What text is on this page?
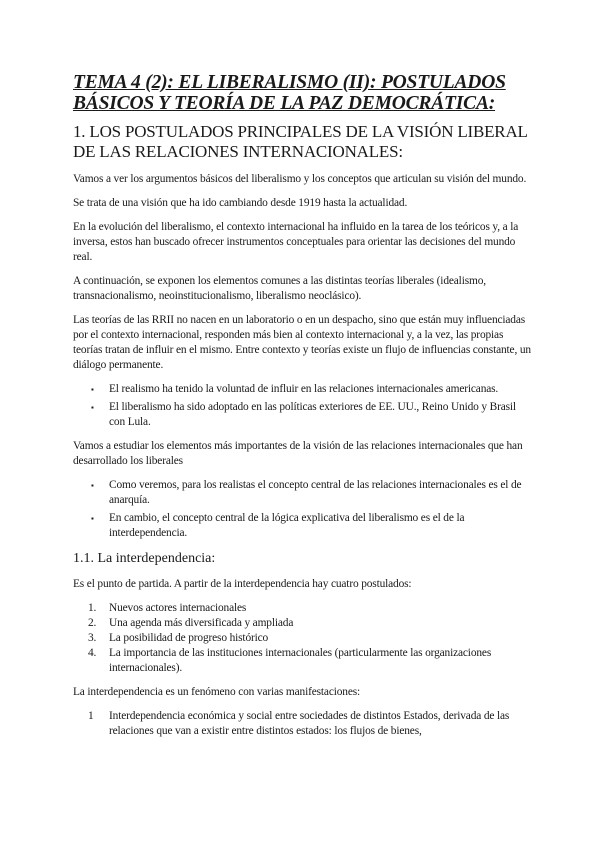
TEMA 4 (2): EL LIBERALISMO (II): POSTULADOS BÁSICOS Y TEORÍA DE LA PAZ DEMOCRÁTICA:
1. LOS POSTULADOS PRINCIPALES DE LA VISIÓN LIBERAL DE LAS RELACIONES INTERNACIONALES:

Vamos a ver los argumentos básicos del liberalismo y los conceptos que articulan su visión del mundo.

Se trata de una visión que ha ido cambiando desde 1919 hasta la actualidad.

En la evolución del liberalismo, el contexto internacional ha influido en la tarea de los teóricos y, a la inversa, estos han buscado ofrecer instrumentos conceptuales para orientar las decisiones del mundo real.

A continuación, se exponen los elementos comunes a las distintas teorías liberales (idealismo, transnacionalismo, neoinstitucionalismo, liberalismo neoclásico).

Las teorías de las RRII no nacen en un laboratorio o en un despacho, sino que están muy influenciadas por el contexto internacional, responden más bien al contexto internacional y, a la vez, las propias teorías tratan de influir en el mismo. Entre contexto y teorías existe un flujo de influencias constante, un diálogo permanente.

▪ El realismo ha tenido la voluntad de influir en las relaciones internacionales americanas.
▪ El liberalismo ha sido adoptado en las políticas exteriores de EE. UU., Reino Unido y Brasil con Lula.

Vamos a estudiar los elementos más importantes de la visión de las relaciones internacionales que han desarrollado los liberales

▪ Como veremos, para los realistas el concepto central de las relaciones internacionales es el de anarquía.
▪ En cambio, el concepto central de la lógica explicativa del liberalismo es el de la interdependencia.
1.1. La interdependencia:

Es el punto de partida. A partir de la interdependencia hay cuatro postulados:

1. Nuevos actores internacionales
2. Una agenda más diversificada y ampliada
3. La posibilidad de progreso histórico
4. La importancia de las instituciones internacionales (particularmente las organizaciones internacionales).

La interdependencia es un fenómeno con varias manifestaciones:

1 Interdependencia económica y social entre sociedades de distintos Estados, derivada de las relaciones que van a existir entre distintos estados: los flujos de bienes,
